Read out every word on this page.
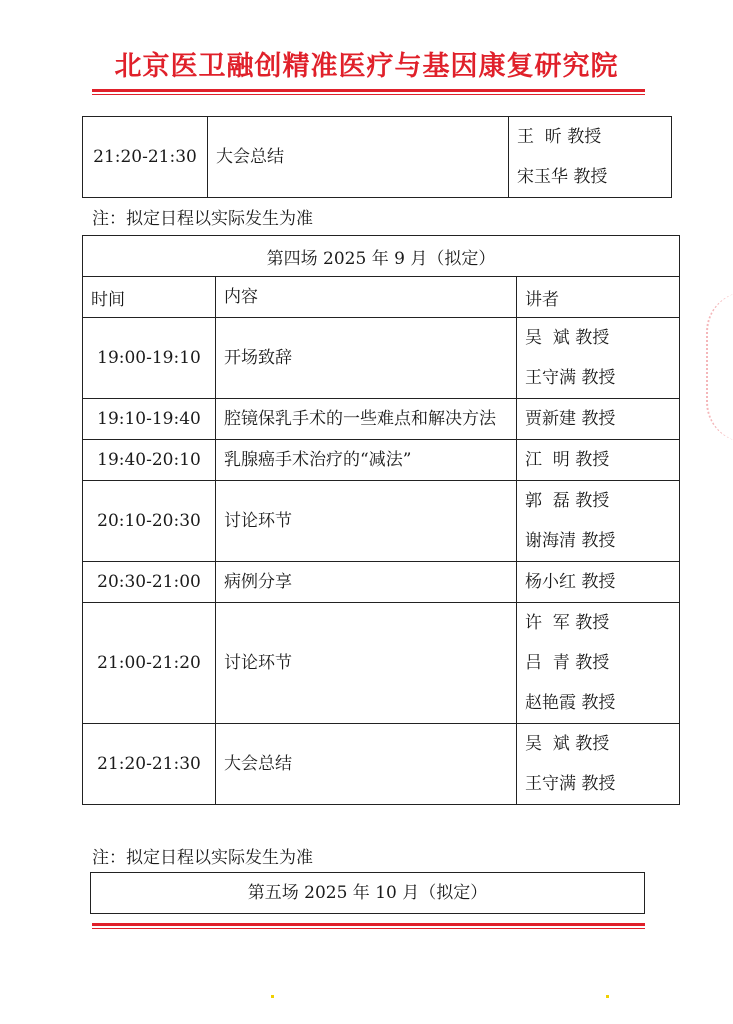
北京医卫融创精准医疗与基因康复研究院
21:20-21:30	大会总结	
王  昕 教授
宋玉华 教授
注：拟定日程以实际发生为准
第四场 2025 年 9 月（拟定）		
时间	内容	讲者
19:00-19:10	开场致辞	吴  斌 教授
王守满 教授

19:10-19:40	腔镜保乳手术的一些难点和解决方法	贾新建 教授

19:40-20:10	乳腺癌手术治疗的“减法”	江  明 教授

20:10-20:30	讨论环节	郭  磊 教授
谢海清 教授

20:30-21:00	病例分享	杨小红 教授

21:00-21:20	讨论环节	许  军 教授
吕  青 教授
赵艳霞 教授

21:20-21:30	大会总结	吴  斌 教授
王守满 教授
注：拟定日程以实际发生为准
第五场 2025 年 10 月（拟定）
